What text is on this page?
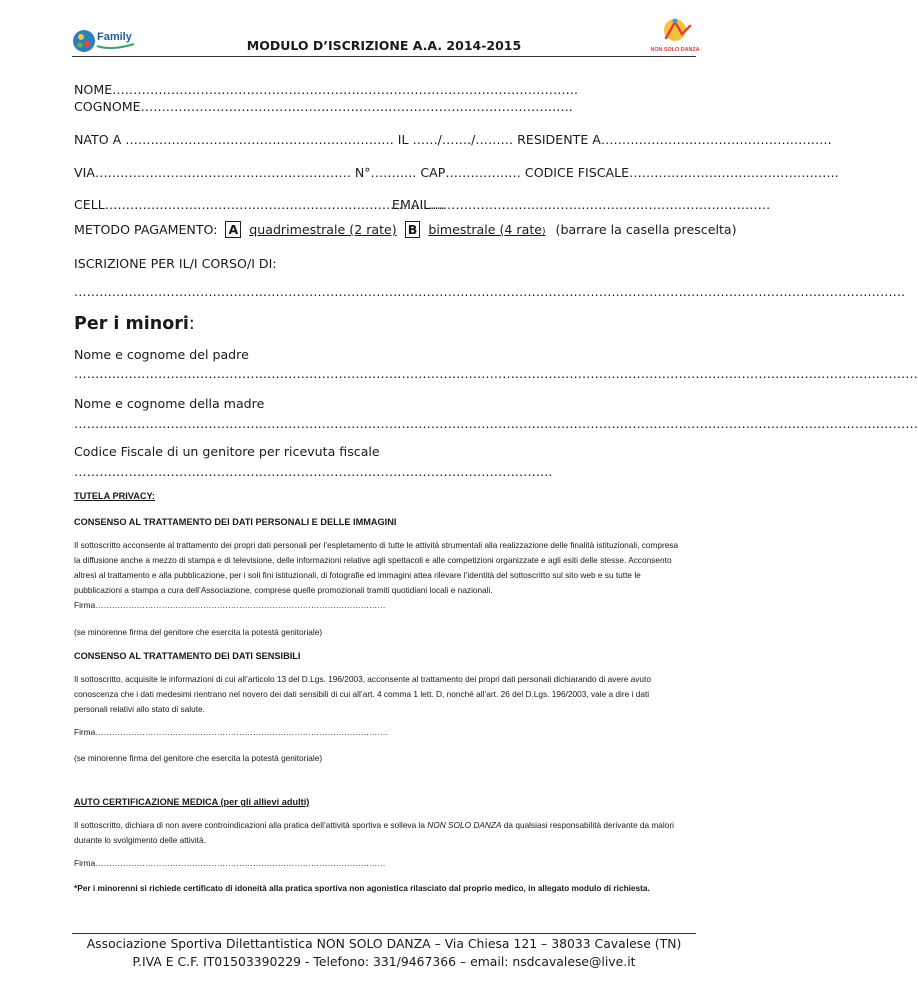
Family
MODULO D’ISCRIZIONE A.A. 2014-2015	NON SOLO DANZA
NOME…………………………………………………………………………………………………
COGNOME………………………………………………………………………………………….
NATO A ………………………………………………………. IL ……/……./……… RESIDENTE A……………………………………………….
VIA……………………………………………………. N°……….. CAP……………… CODICE FISCALE…………………………………………..
CELL………………………………………………………………………
EMAIL………………………………………………………………………
METODO PAGAMENTO: A quadrimestrale (2 rate) B bimestrale (4 rate) (barrare la casella prescelta)
ISCRIZIONE PER IL/I CORSO/I DI:
………………………………………………………………………………………………………………………………………………………………………………
Per i minori:
Nome e cognome del padre
…………………………………………………………………………………………………………………………………………………………………………………
Nome e cognome della madre
…………………………………………………………………………………………………………………………………………………………………………………
Codice Fiscale di un genitore per ricevuta fiscale
……………………………………………………………………………………………………
TUTELA PRIVACY:
CONSENSO AL TRATTAMENTO DEI DATI PERSONALI E DELLE IMMAGINI
Il sottoscritto acconsente al trattamento dei propri dati personali per l’espletamento di tutte le attività strumentali alla realizzazione delle finalità istituzionali, compresa
la diffusione anche a mezzo di stampa e di televisione, delle informazioni relative agli spettacoli e alle competizioni organizzate e agli esiti delle stesse. Acconsento
altresì al trattamento e alla pubblicazione, per i soli fini istituzionali, di fotografie ed immagini attea rilevare l’identità del sottoscritto sul sito web e su tutte le
pubblicazioni a stampa a cura dell’Associazione, comprese quelle promozionali tramiti quotidiani locali e nazionali.
Firma……………………………………………………………………………………………
(se minorenne firma del genitore che esercita la potestà genitoriale)
CONSENSO AL TRATTAMENTO DEI DATI SENSIBILI
Il sottoscritto, acquisite le informazioni di cui all’articolo 13 del D.Lgs. 196/2003, acconsente al trattamento dei propri dati personali dichiarando di avere avuto
conoscenza che i dati medesimi rientrano nel novero dei dati sensibili di cui all’art. 4 comma 1 lett. D, nonché all’art. 26 del D.Lgs. 196/2003, vale a dire i dati
personali relativi allo stato di salute.
Firma…………………………………………………………………………………………….
(se minorenne firma del genitore che esercita la potestà genitoriale)
AUTO CERTIFICAZIONE MEDICA (per gli allievi adulti)
Il sottoscritto, dichiara di non avere controindicazioni alla pratica dell’attività sportiva e solleva la NON SOLO DANZA da qualsiasi responsabilità derivante da malori
durante lo svolgimento delle attività.
Firma……………………………………………………………………………………………
*Per i minorenni si richiede certificato di idoneità alla pratica sportiva non agonistica rilasciato dal proprio medico, in allegato modulo di richiesta.
Associazione Sportiva Dilettantistica NON SOLO DANZA – Via Chiesa 121 – 38033 Cavalese (TN)
P.IVA E C.F. IT01503390229 - Telefono: 331/9467366 – email: nsdcavalese@live.it
